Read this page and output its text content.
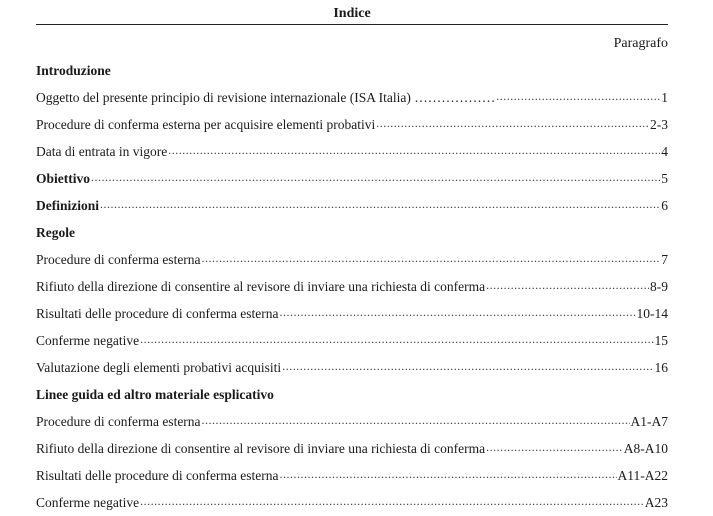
Indice
Paragrafo
Introduzione
Oggetto del presente principio di revisione internazionale (ISA Italia) ……………… .....	1
Procedure di conferma esterna per acquisire elementi probativi .....	2-3
Data di entrata in vigore .....	4
Obiettivo .....	5
Definizioni .....	6
Regole
Procedure di conferma esterna .....	7
Rifiuto della direzione di consentire al revisore di inviare una richiesta di conferma .....	8-9
Risultati delle procedure di conferma esterna .....	10-14
Conferme negative .....	15
Valutazione degli elementi probativi acquisiti .....	16
Linee guida ed altro materiale esplicativo
Procedure di conferma esterna .....	A1-A7
Rifiuto della direzione di consentire al revisore di inviare una richiesta di conferma .....	A8-A10
Risultati delle procedure di conferma esterna .....	A11-A22
Conferme negative .....	A23
